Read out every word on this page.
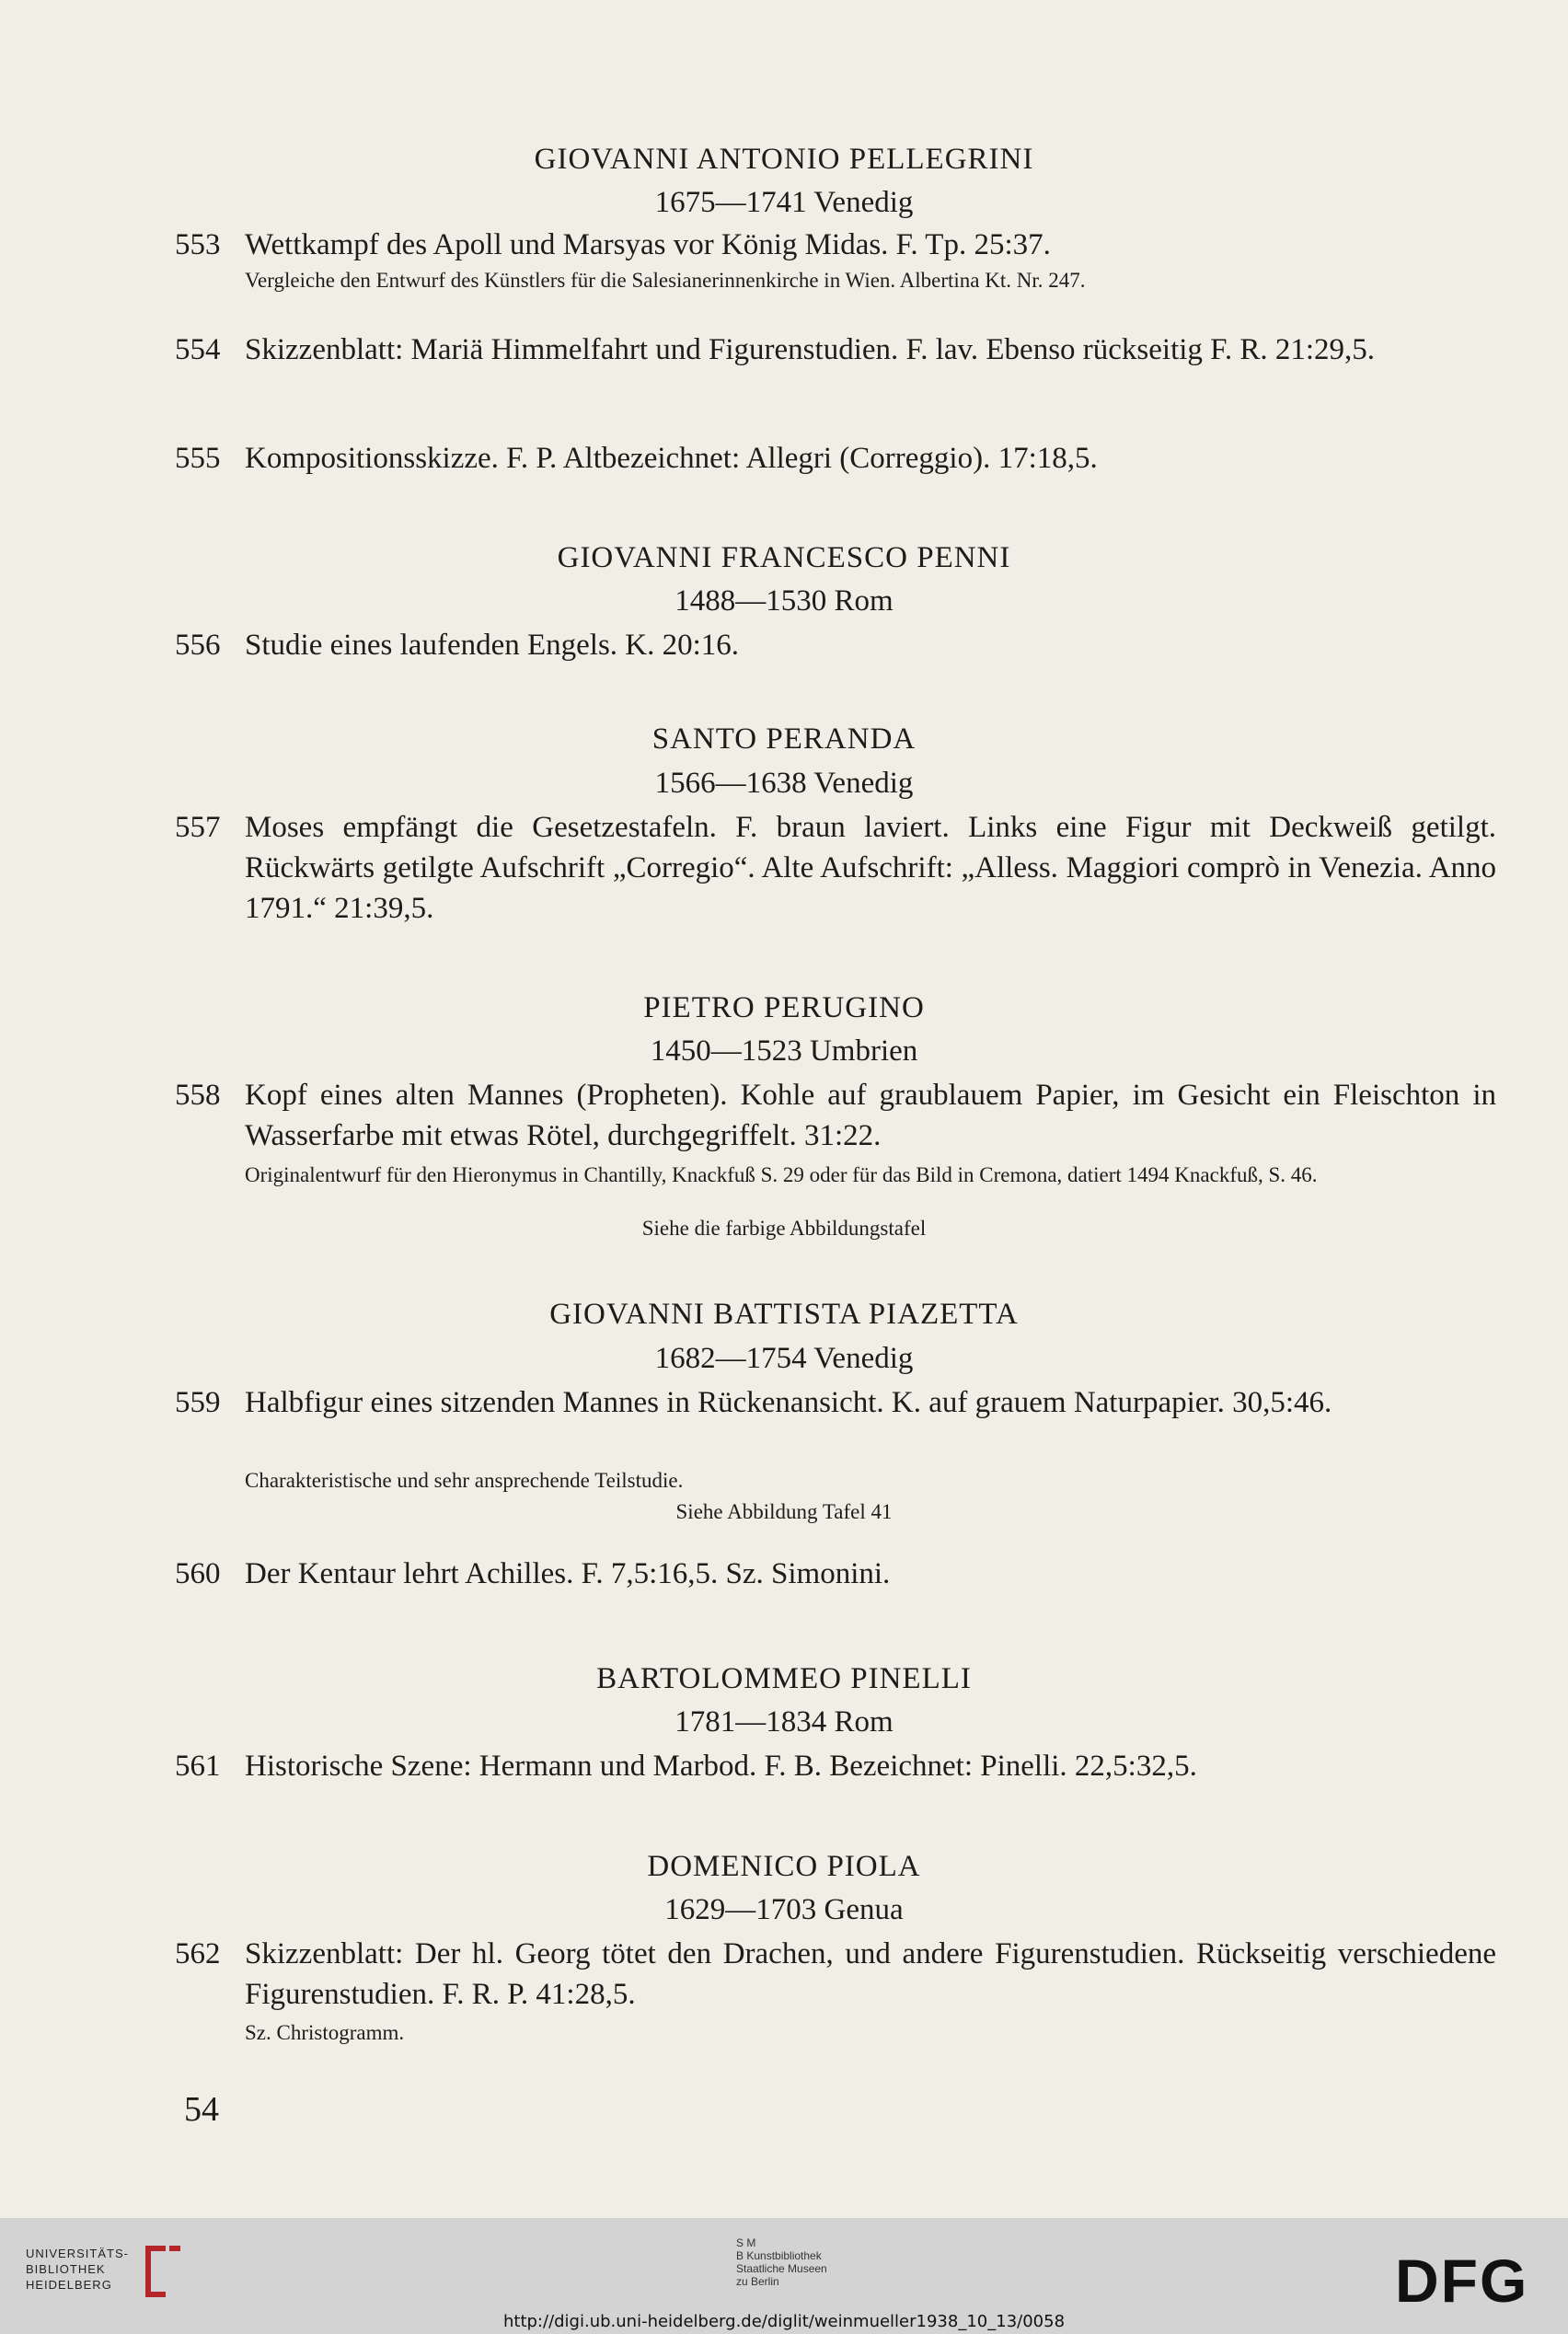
GIOVANNI ANTONIO PELLEGRINI
1675—1741 Venedig
553 Wettkampf des Apoll und Marsyas vor König Midas. F. Tp. 25:37.
Vergleiche den Entwurf des Künstlers für die Salesianerinnenkirche in Wien. Albertina Kt. Nr. 247.
554 Skizzenblatt: Mariä Himmelfahrt und Figurenstudien. F. lav. Ebenso rückseitig F. R. 21:29,5.
555 Kompositionsskizze. F. P. Altbezeichnet: Allegri (Correggio). 17:18,5.
GIOVANNI FRANCESCO PENNI
1488—1530 Rom
556 Studie eines laufenden Engels. K. 20:16.
SANTO PERANDA
1566—1638 Venedig
557 Moses empfängt die Gesetzestafeln. F. braun laviert. Links eine Figur mit Deckweiß getilgt. Rückwärts getilgte Aufschrift „Corregio“. Alte Aufschrift: „Alless. Maggiori comprò in Venezia. Anno 1791.“ 21:39,5.
PIETRO PERUGINO
1450—1523 Umbrien
558 Kopf eines alten Mannes (Propheten). Kohle auf graublauem Papier, im Gesicht ein Fleischton in Wasserfarbe mit etwas Rötel, durchgegriffelt. 31:22.
Originalentwurf für den Hieronymus in Chantilly, Knackfuß S. 29 oder für das Bild in Cremona, datiert 1494 Knackfuß, S. 46.
Siehe die farbige Abbildungstafel
GIOVANNI BATTISTA PIAZETTA
1682—1754 Venedig
559 Halbfigur eines sitzenden Mannes in Rückenansicht. K. auf grauem Naturpapier. 30,5:46.
Charakteristische und sehr ansprechende Teilstudie.
Siehe Abbildung Tafel 41
560 Der Kentaur lehrt Achilles. F. 7,5:16,5. Sz. Simonini.
BARTOLOMMEO PINELLI
1781—1834 Rom
561 Historische Szene: Hermann und Marbod. F. B. Bezeichnet: Pinelli. 22,5:32,5.
DOMENICO PIOLA
1629—1703 Genua
562 Skizzenblatt: Der hl. Georg tötet den Drachen, und andere Figurenstudien. Rückseitig verschiedene Figurenstudien. F. R. P. 41:28,5.
Sz. Christogramm.
54
UNIVERSITÄTS-
BIBLIOTHEK
HEIDELBERG
S M
B Kunstbibliothek
Staatliche Museen
zu Berlin	DFG
http://digi.ub.uni-heidelberg.de/diglit/weinmueller1938_10_13/0058
